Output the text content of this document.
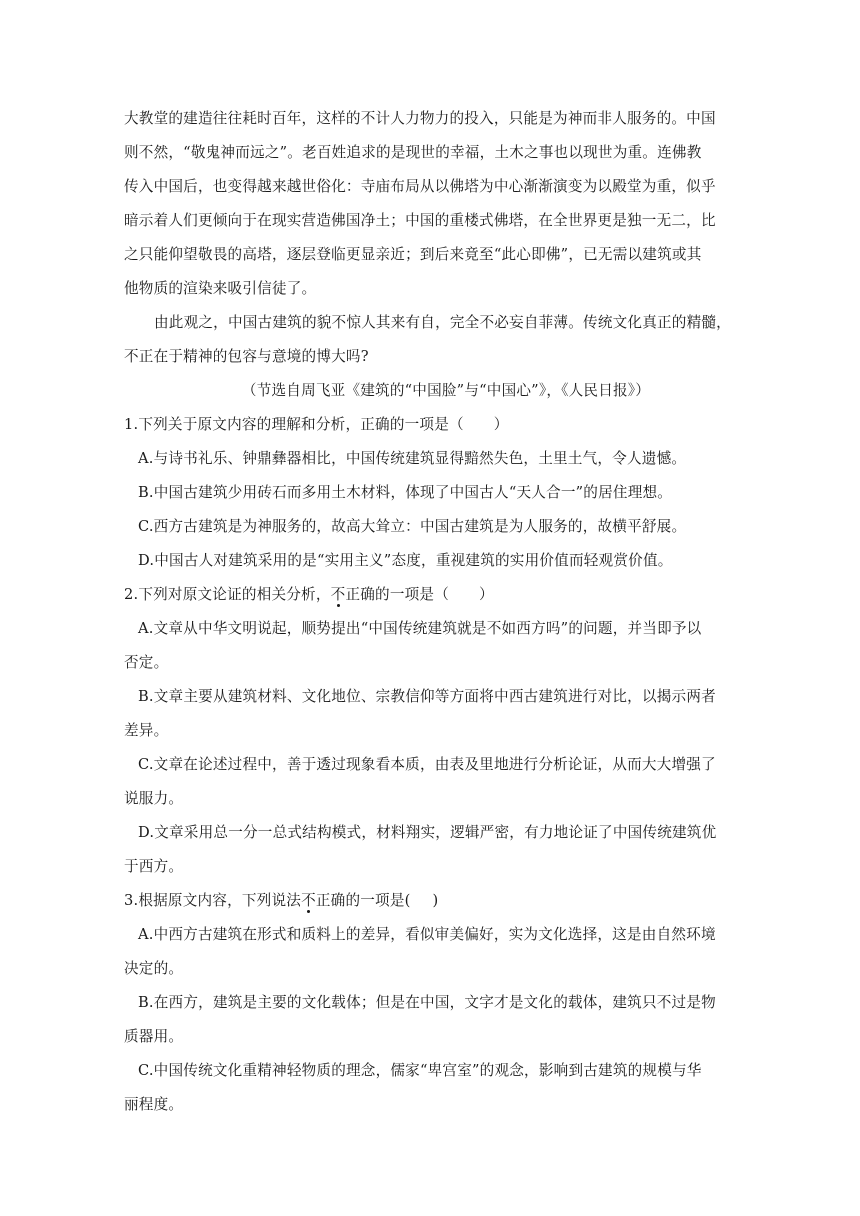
大教堂的建造往往耗时百年，这样的不计人力物力的投入，只能是为神而非人服务的。中国
则不然，“敬鬼神而远之”。老百姓追求的是现世的幸福，土木之事也以现世为重。连佛教
传入中国后，也变得越来越世俗化：寺庙布局从以佛塔为中心渐渐演变为以殿堂为重，似乎
暗示着人们更倾向于在现实营造佛国净土；中国的重楼式佛塔，在全世界更是独一无二，比
之只能仰望敬畏的高塔，逐层登临更显亲近；到后来竟至“此心即佛”，已无需以建筑或其
他物质的渲染来吸引信徒了。
由此观之，中国古建筑的貌不惊人其来有自，完全不必妄自菲薄。传统文化真正的精髓，
不正在于精神的包容与意境的博大吗?
（节选自周飞亚《建筑的“中国脸”与“中国心”》，《人民日报》）
1.下列关于原文内容的理解和分析，正确的一项是（ ）
A.与诗书礼乐、钟鼎彝器相比，中国传统建筑显得黯然失色，土里土气，令人遗憾。
B.中国古建筑少用砖石而多用土木材料，体现了中国古人“天人合一”的居住理想。
C.西方古建筑是为神服务的，故高大耸立：中国古建筑是为人服务的，故横平舒展。
D.中国古人对建筑采用的是“实用主义”态度，重视建筑的实用价值而轻观赏价值。
2.下列对原文论证的相关分析，不正确的一项是（ ）
A.文章从中华文明说起，顺势提出“中国传统建筑就是不如西方吗”的问题，并当即予以
否定。
B.文章主要从建筑材料、文化地位、宗教信仰等方面将中西古建筑进行对比，以揭示两者
差异。
C.文章在论述过程中，善于透过现象看本质，由表及里地进行分析论证，从而大大增强了
说服力。
D.文章采用总一分一总式结构模式，材料翔实，逻辑严密，有力地论证了中国传统建筑优
于西方。
3.根据原文内容，下列说法不正确的一项是( )
A.中西方古建筑在形式和质料上的差异，看似审美偏好，实为文化选择，这是由自然环境
决定的。
B.在西方，建筑是主要的文化载体；但是在中国，文字才是文化的载体，建筑只不过是物
质器用。
C.中国传统文化重精神轻物质的理念，儒家“卑宫室”的观念，影响到古建筑的规模与华
丽程度。
